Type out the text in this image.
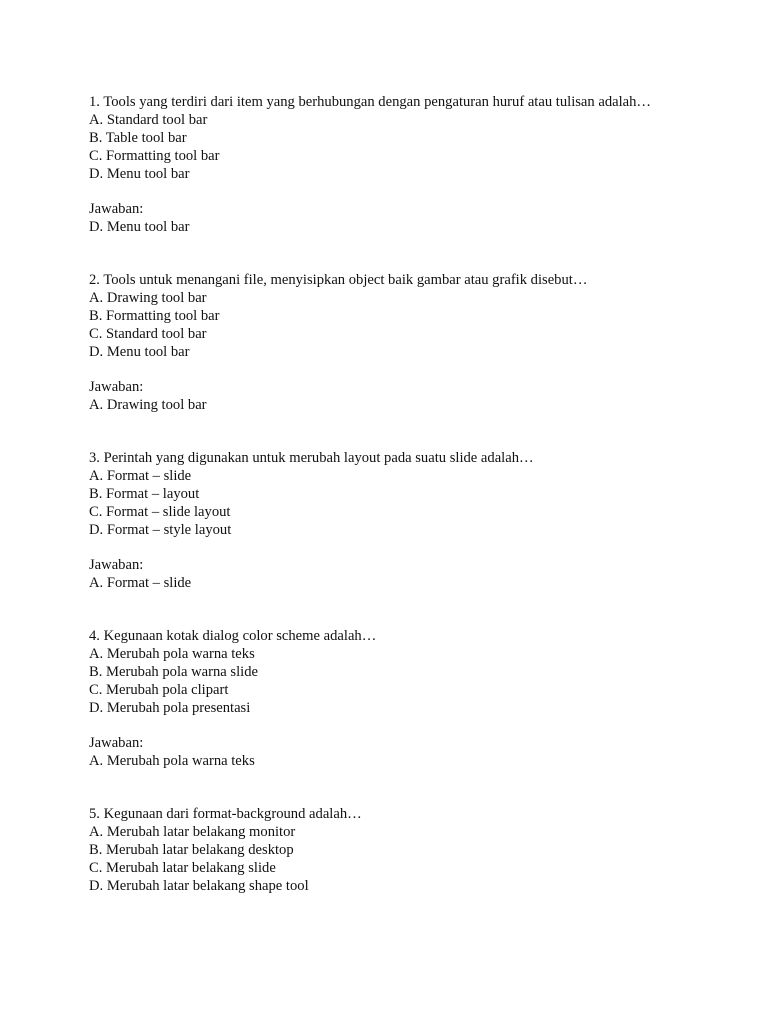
1. Tools yang terdiri dari item yang berhubungan dengan pengaturan huruf atau tulisan adalah…
A. Standard tool bar
B. Table tool bar
C. Formatting tool bar
D. Menu tool bar
Jawaban:
D. Menu tool bar
2. Tools untuk menangani file, menyisipkan object baik gambar atau grafik disebut…
A. Drawing tool bar
B. Formatting tool bar
C. Standard tool bar
D. Menu tool bar
Jawaban:
A. Drawing tool bar
3. Perintah yang digunakan untuk merubah layout pada suatu slide adalah…
A. Format – slide
B. Format – layout
C. Format – slide layout
D. Format – style layout
Jawaban:
A. Format – slide
4. Kegunaan kotak dialog color scheme adalah…
A. Merubah pola warna teks
B. Merubah pola warna slide
C. Merubah pola clipart
D. Merubah pola presentasi
Jawaban:
A. Merubah pola warna teks
5. Kegunaan dari format-background adalah…
A. Merubah latar belakang monitor
B. Merubah latar belakang desktop
C. Merubah latar belakang slide
D. Merubah latar belakang shape tool
